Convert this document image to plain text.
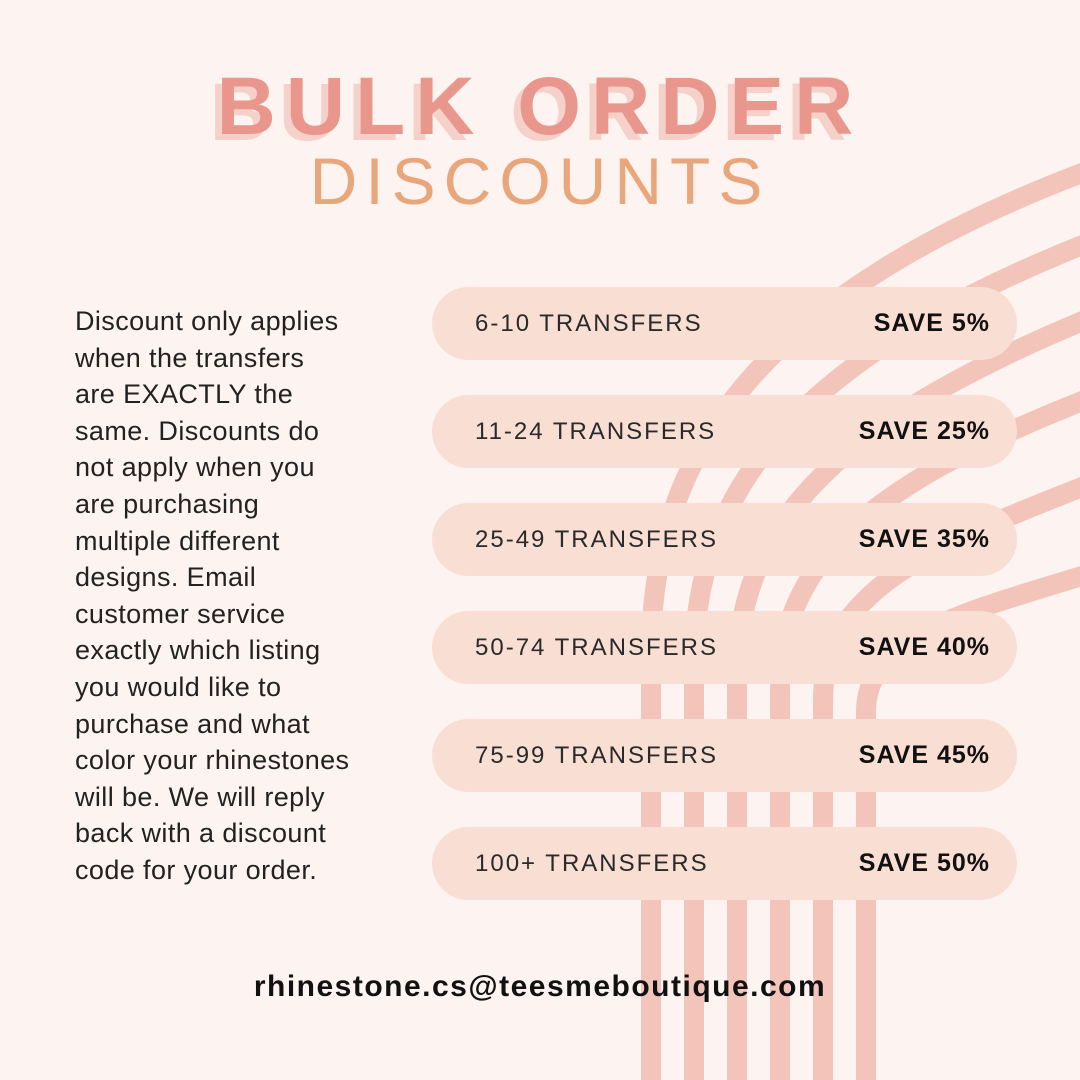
BULK ORDER
DISCOUNTS
Discount only applies
when the transfers
are EXACTLY the
same. Discounts do
not apply when you
are purchasing
multiple different
designs. Email
customer service
exactly which listing
you would like to
purchase and what
color your rhinestones
will be. We will reply
back with a discount
code for your order.
6-10 TRANSFERS	SAVE 5%
11-24 TRANSFERS	SAVE 25%
25-49 TRANSFERS	SAVE 35%
50-74 TRANSFERS	SAVE 40%
75-99 TRANSFERS	SAVE 45%
100+ TRANSFERS	SAVE 50%
rhinestone.cs@teesmeboutique.com
